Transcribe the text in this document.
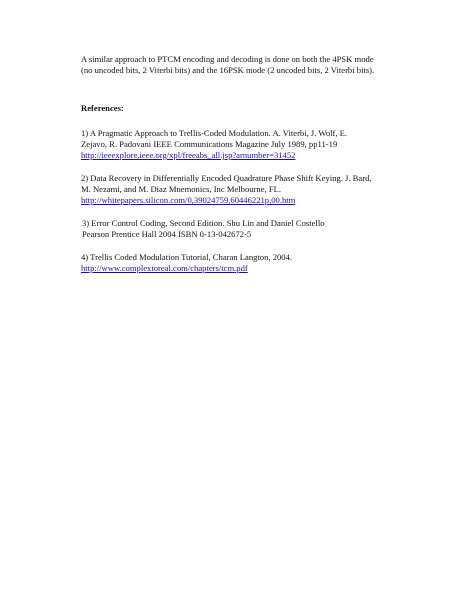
A similar approach to PTCM encoding and decoding is done on both the 4PSK mode
(no uncoded bits, 2 Viterbi bits) and the 16PSK mode (2 uncoded bits, 2 Viterbi bits).

References:

1) A Pragmatic Approach to Trellis-Coded Modulation. A. Viterbi, J. Wolf, E.
Zejavo, R. Padovani IEEE Communications Magazine July 1989, pp11-19
http://ieeexplore.ieee.org/xpl/freeabs_all.jsp?arnumber=31452

2) Data Recovery in Differentially Encoded Quadrature Phase Shift Keying. J. Bard,
M. Nezami, and M. Diaz Mnemonics, Inc Melbourne, FL.
http://whitepapers.silicon.com/0,39024759,60446221p,00.htm

3) Error Control Coding, Second Edition. Shu Lin and Daniel Costello
Pearson Prentice Hall 2004 ISBN 0-13-042672-5

4) Trellis Coded Modulation Tutorial, Charan Langton, 2004.
http://www.complextoreal.com/chapters/tcm.pdf
